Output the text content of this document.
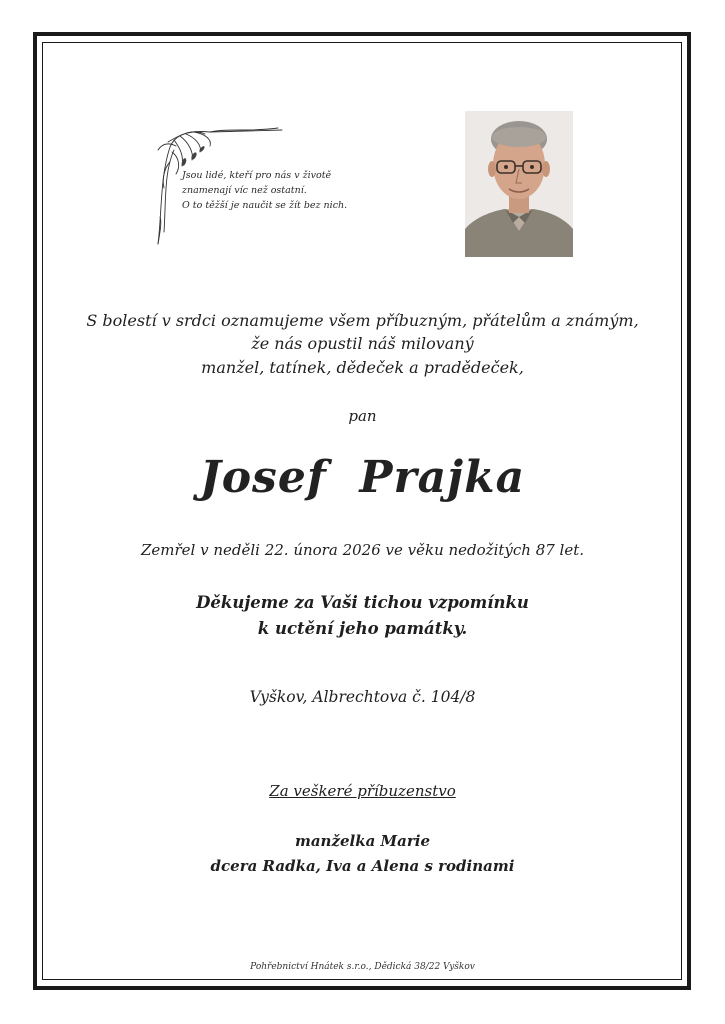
Jsou lidé, kteří pro nás v životě
znamenají víc než ostatní.
O to těžší je naučit se žít bez nich.
S bolestí v srdci oznamujeme všem příbuzným, přátelům a známým,
že nás opustil náš milovaný
manžel, tatínek, dědeček a pradědeček,
pan
Josef  Prajka
Zemřel v neděli 22. února 2026 ve věku nedožitých 87 let.
Děkujeme za Vaši tichou vzpomínku
k uctění jeho památky.
Vyškov, Albrechtova č. 104/8
Za veškeré příbuzenstvo
manželka Marie
dcera Radka, Iva a Alena s rodinami
Pohřebnictví Hnátek s.r.o., Dědická 38/22 Vyškov
